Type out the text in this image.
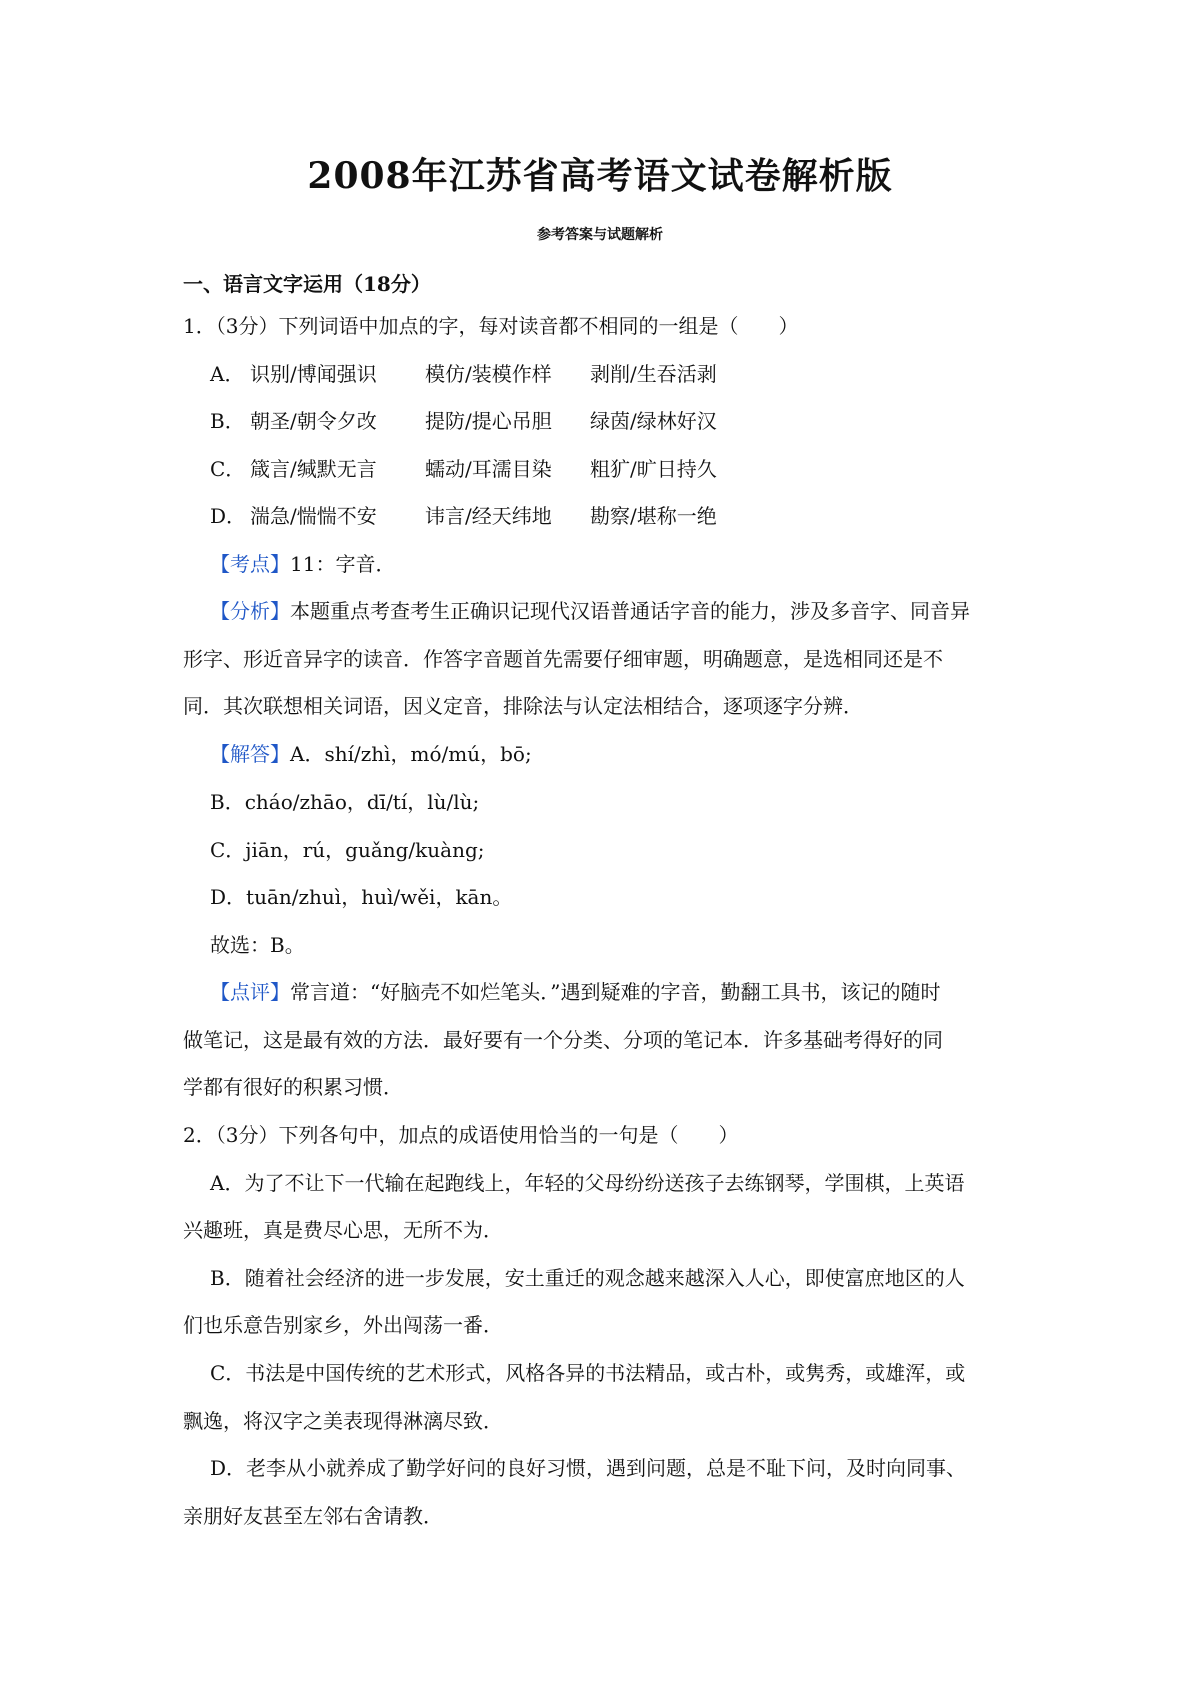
2008年江苏省高考语文试卷解析版
参考答案与试题解析
一、语言文字运用（18分）
1．（3分）下列词语中加点的字，每对读音都不相同的一组是（　　）
A． 识别/博闻强识 模仿/装模作样 剥削/生吞活剥
B． 朝圣/朝令夕改 提防/提心吊胆 绿茵/绿林好汉
C． 箴言/缄默无言 蠕动/耳濡目染 粗犷/旷日持久
D． 湍急/惴惴不安 讳言/经天纬地 勘察/堪称一绝
【考点】11：字音．
【分析】本题重点考查考生正确识记现代汉语普通话字音的能力，涉及多音字、同音异
形字、形近音异字的读音．作答字音题首先需要仔细审题，明确题意，是选相同还是不
同．其次联想相关词语，因义定音，排除法与认定法相结合，逐项逐字分辨．
【解答】A．shí/zhì，mó/mú，bō;
B．cháo/zhāo，dī/tí，lù/lù;
C．jiān，rú，guǎng/kuàng;
D．tuān/zhuì，huì/wěi，kān。
故选：B。
【点评】常言道：“好脑壳不如烂笔头．”遇到疑难的字音，勤翻工具书，该记的随时
做笔记，这是最有效的方法．最好要有一个分类、分项的笔记本．许多基础考得好的同
学都有很好的积累习惯．
2．（3分）下列各句中，加点的成语使用恰当的一句是（　　）
A．为了不让下一代输在起跑线上，年轻的父母纷纷送孩子去练钢琴，学围棋，上英语
兴趣班，真是费尽心思，无所不为．
B．随着社会经济的进一步发展，安土重迁的观念越来越深入人心，即使富庶地区的人
们也乐意告别家乡，外出闯荡一番．
C．书法是中国传统的艺术形式，风格各异的书法精品，或古朴，或隽秀，或雄浑，或
飘逸，将汉字之美表现得淋漓尽致．
D．老李从小就养成了勤学好问的良好习惯，遇到问题，总是不耻下问，及时向同事、
亲朋好友甚至左邻右舍请教．
